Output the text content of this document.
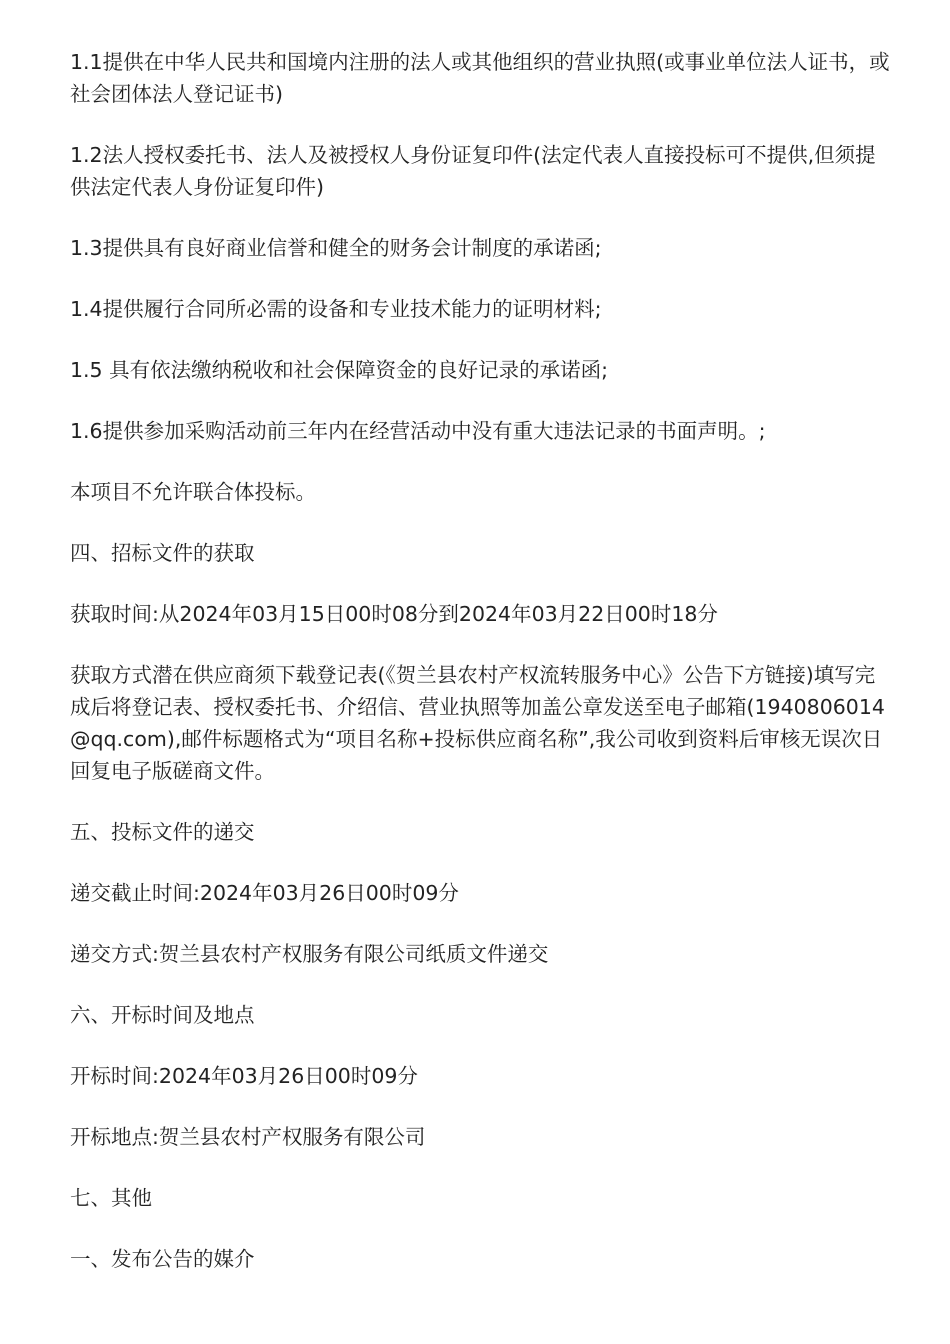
1.1提供在中华人民共和国境内注册的法人或其他组织的营业执照(或事业单位法人证书，或社会团体法人登记证书)

1.2法人授权委托书、法人及被授权人身份证复印件(法定代表人直接投标可不提供,但须提供法定代表人身份证复印件)

1.3提供具有良好商业信誉和健全的财务会计制度的承诺函;

1.4提供履行合同所必需的设备和专业技术能力的证明材料;

1.5 具有依法缴纳税收和社会保障资金的良好记录的承诺函;

1.6提供参加采购活动前三年内在经营活动中没有重大违法记录的书面声明。;

本项目不允许联合体投标。

四、招标文件的获取

获取时间:从2024年03月15日00时08分到2024年03月22日00时18分

获取方式潜在供应商须下载登记表(《贺兰县农村产权流转服务中心》公告下方链接)填写完成后将登记表、授权委托书、介绍信、营业执照等加盖公章发送至电子邮箱(1940806014@qq.com),邮件标题格式为“项目名称+投标供应商名称”,我公司收到资料后审核无误次日回复电子版磋商文件。

五、投标文件的递交

递交截止时间:2024年03月26日00时09分

递交方式:贺兰县农村产权服务有限公司纸质文件递交

六、开标时间及地点

开标时间:2024年03月26日00时09分

开标地点:贺兰县农村产权服务有限公司

七、其他

一、发布公告的媒介
